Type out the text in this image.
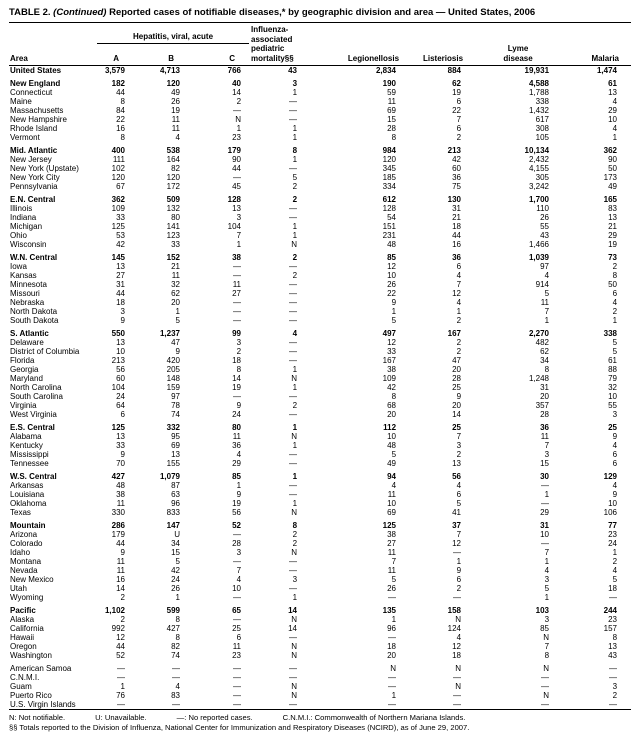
TABLE 2. (Continued) Reported cases of notifiable diseases,* by geographic division and area — United States, 2006
Area	Hepatitis, viral, acute			Influenza-associated pediatric mortality§§	Legionellosis	Listeriosis	Lyme disease	Malaria
	A	B	C					
United States	3,579	4,713	766	43	2,834	884	19,931	1,474

New England	182	120	40	3	190	62	4,588	61
Connecticut	44	49	14	1	59	19	1,788	13
Maine	8	26	2	—	11	6	338	4
Massachusetts	84	19	—	—	69	22	1,432	29
New Hampshire	22	11	N	—	15	7	617	10
Rhode Island	16	11	1	1	28	6	308	4
Vermont	8	4	23	1	8	2	105	1

Mid. Atlantic	400	538	179	8	984	213	10,134	362
New Jersey	111	164	90	1	120	42	2,432	90
New York (Upstate)	102	82	44	—	345	60	4,155	50
New York City	120	120	—	5	185	36	305	173
Pennsylvania	67	172	45	2	334	75	3,242	49

E.N. Central	362	509	128	2	612	130	1,700	165
Illinois	109	132	13	—	128	31	110	83
Indiana	33	80	3	—	54	21	26	13
Michigan	125	141	104	1	151	18	55	21
Ohio	53	123	7	1	231	44	43	29
Wisconsin	42	33	1	N	48	16	1,466	19

W.N. Central	145	152	38	2	85	36	1,039	73
Iowa	13	21	—	—	12	6	97	2
Kansas	27	11	—	2	10	4	4	8
Minnesota	31	32	11	—	26	7	914	50
Missouri	44	62	27	—	22	12	5	6
Nebraska	18	20	—	—	9	4	11	4
North Dakota	3	1	—	—	1	1	7	2
South Dakota	9	5	—	—	5	2	1	1

S. Atlantic	550	1,237	99	4	497	167	2,270	338
Delaware	13	47	3	—	12	2	482	5
District of Columbia	10	9	2	—	33	2	62	5
Florida	213	420	18	—	167	47	34	61
Georgia	56	205	8	1	38	20	8	88
Maryland	60	148	14	N	109	28	1,248	79
North Carolina	104	159	19	1	42	25	31	32
South Carolina	24	97	—	—	8	9	20	10
Virginia	64	78	9	2	68	20	357	55
West Virginia	6	74	24	—	20	14	28	3

E.S. Central	125	332	80	1	112	25	36	25
Alabama	13	95	11	N	10	7	11	9
Kentucky	33	69	36	1	48	3	7	4
Mississippi	9	13	4	—	5	2	3	6
Tennessee	70	155	29	—	49	13	15	6

W.S. Central	427	1,079	85	1	94	56	30	129
Arkansas	48	87	1	—	4	4	—	4
Louisiana	38	63	9	—	11	6	1	9
Oklahoma	11	96	19	1	10	5	—	10
Texas	330	833	56	N	69	41	29	106

Mountain	286	147	52	8	125	37	31	77
Arizona	179	U	—	2	38	7	10	23
Colorado	44	34	28	2	27	12	—	24
Idaho	9	15	3	N	11	—	7	1
Montana	11	5	—	—	7	1	1	2
Nevada	11	42	7	—	11	9	4	4
New Mexico	16	24	4	3	5	6	3	5
Utah	14	26	10	—	26	2	5	18
Wyoming	2	1	—	1	—	—	1	—

Pacific	1,102	599	65	14	135	158	103	244
Alaska	2	8	—	N	1	N	3	23
California	992	427	25	14	96	124	85	157
Hawaii	12	8	6	—	—	4	N	8
Oregon	44	82	11	N	18	12	7	13
Washington	52	74	23	N	20	18	8	43

American Samoa	—	—	—	—	N	N	N	—
C.N.M.I.	—	—	—	—	—	—	—	—
Guam	1	4	—	N	—	N	—	3
Puerto Rico	76	83	—	N	1	—	N	2
U.S. Virgin Islands	—	—	—	—	—	—	—	—
N: Not notifiable.	U: Unavailable.	—: No reported cases.	C.N.M.I.: Commonwealth of Northern Mariana Islands.
§§ Totals reported to the Division of Influenza, National Center for Immunization and Respiratory Diseases (NCIRD), as of June 29, 2007.
